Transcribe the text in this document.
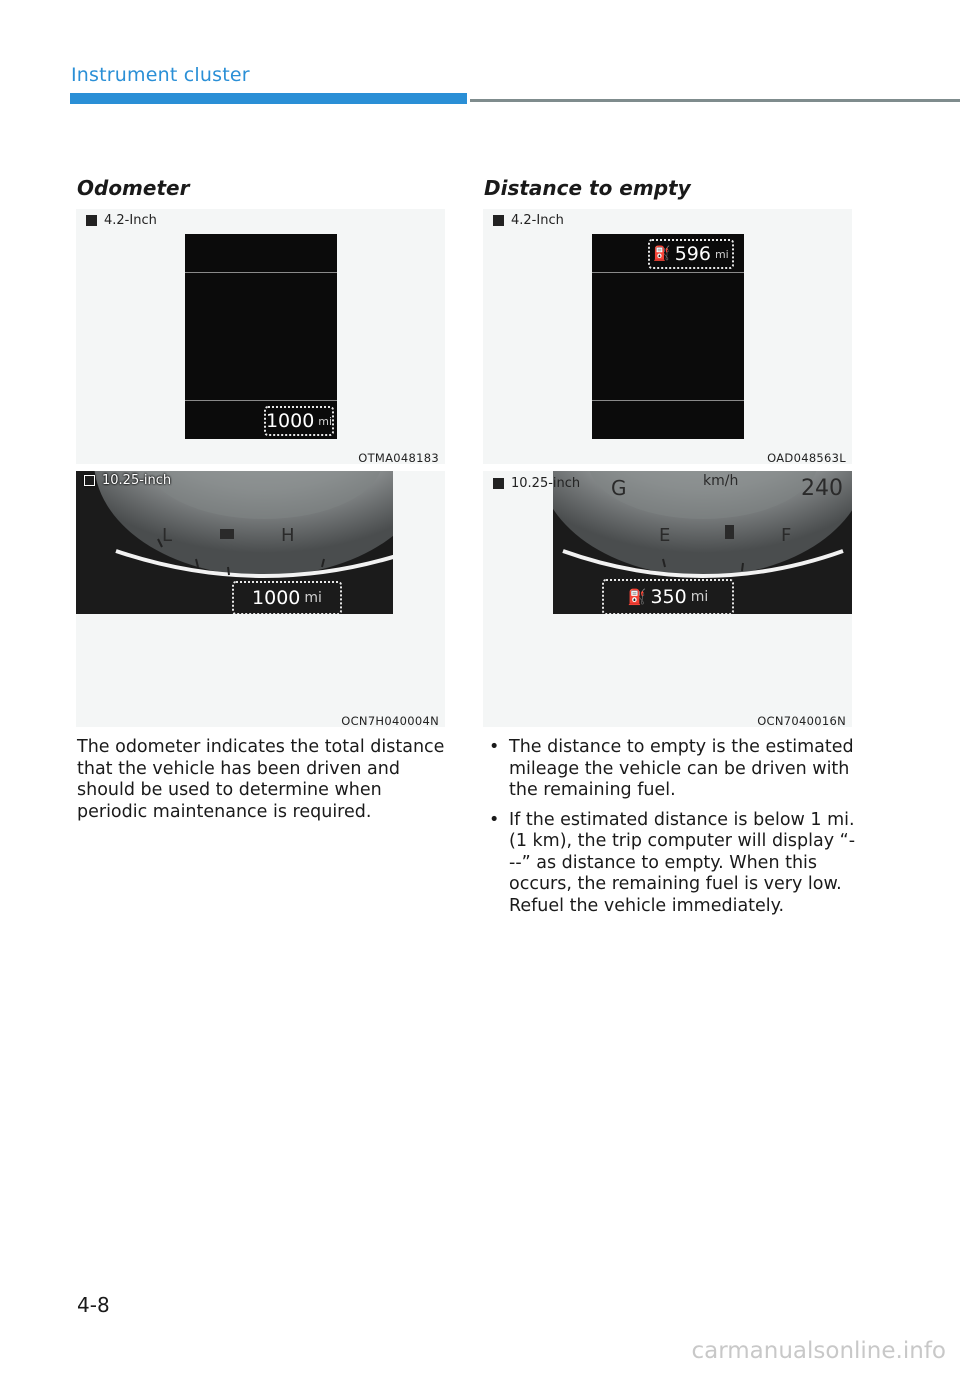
Instrument cluster
Odometer
4.2-Inch
1000 mi
OTMA048183
L	H
1000 mi
10.25-inch
OCN7H040004N
The odometer indicates the total distance that the vehicle has been driven and should be used to determine when periodic maintenance is required.
Distance to empty
4.2-Inch
⛽ 596 mi
OAD048563L
G	km/h	240
E	F
⛽ 350 mi
10.25-inch
OCN7040016N
• The distance to empty is the estimated mileage the vehicle can be driven with the remaining fuel.
• If the estimated distance is below 1 mi. (1 km), the trip computer will display “---” as distance to empty. When this occurs, the remaining fuel is very low. Refuel the vehicle immediately.
4-8
carmanualsonline.info
